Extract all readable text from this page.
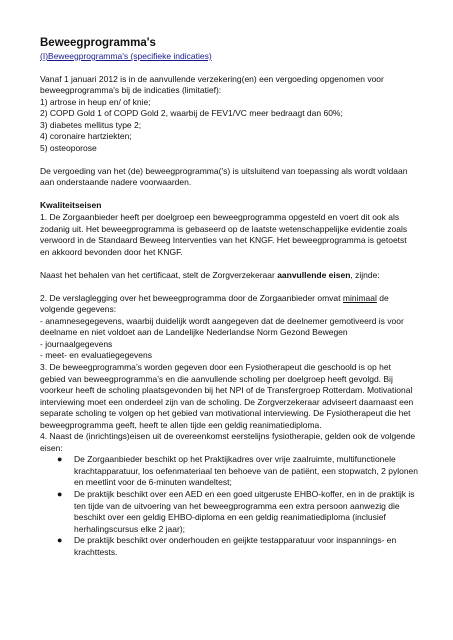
Beweegprogramma's
(I)Beweegprogramma's (specifieke indicaties)

Vanaf 1 januari 2012 is in de aanvullende verzekering(en) een vergoeding opgenomen voor beweegprogramma's bij de indicaties (limitatief):

1) artrose in heup en/ of knie;

2) COPD Gold 1 of COPD Gold 2, waarbij de FEV1/VC meer bedraagt dan 60%;

3) diabetes mellitus type 2;

4) coronaire hartziekten;

5) osteoporose

De vergoeding van het (de) beweegprogramma(’s) is uitsluitend van toepassing als wordt voldaan aan onderstaande nadere voorwaarden.

Kwaliteitseisen

1. De Zorgaanbieder heeft per doelgroep een beweegprogramma opgesteld en voert dit ook als zodanig uit. Het beweegprogramma is gebaseerd op de laatste wetenschappelijke evidentie zoals verwoord in de Standaard Beweeg Interventies van het KNGF. Het beweegprogramma is getoetst en akkoord bevonden door het KNGF.

Naast het behalen van het certificaat, stelt de Zorgverzekeraar aanvullende eisen, zijnde:

2. De verslaglegging over het beweegprogramma door de Zorgaanbieder omvat minimaal de volgende gegevens:

- anamnesegegevens, waarbij duidelijk wordt aangegeven dat de deelnemer gemotiveerd is voor deelname en niet voldoet aan de Landelijke Nederlandse Norm Gezond Bewegen

- journaalgegevens

- meet- en evaluatiegegevens

3. De beweegprogramma’s worden gegeven door een Fysiotherapeut die geschoold is op het gebied van beweegprogramma’s en die aanvullende scholing per doelgroep heeft gevolgd. Bij voorkeur heeft de scholing plaatsgevonden bij het NPI of de Transfergroep Rotterdam. Motivational interviewing moet een onderdeel zijn van de scholing. De Zorgverzekeraar adviseert daarnaast een separate scholing te volgen op het gebied van motivational interviewing. De Fysiotherapeut die het beweegprogramma geeft, heeft te allen tijde een geldig reanimatiediploma.

4. Naast de (inrichtings)eisen uit de overeenkomst eerstelijns fysiotherapie, gelden ook de volgende eisen:

● De Zorgaanbieder beschikt op het Praktijkadres over vrije zaalruimte, multifunctionele krachtapparatuur, los oefenmateriaal ten behoeve van de patiënt, een stopwatch, 2 pylonen en meetlint voor de 6-minuten wandeltest;
● De praktijk beschikt over een AED en een goed uitgeruste EHBO-koffer, en in de praktijk is ten tijde van de uitvoering van het beweegprogramma een extra persoon aanwezig die beschikt over een geldig EHBO-diploma en een geldig reanimatiediploma (inclusief herhalingscursus elke 2 jaar);
● De praktijk beschikt over onderhouden en geijkte testapparatuur voor inspannings- en krachttests.
